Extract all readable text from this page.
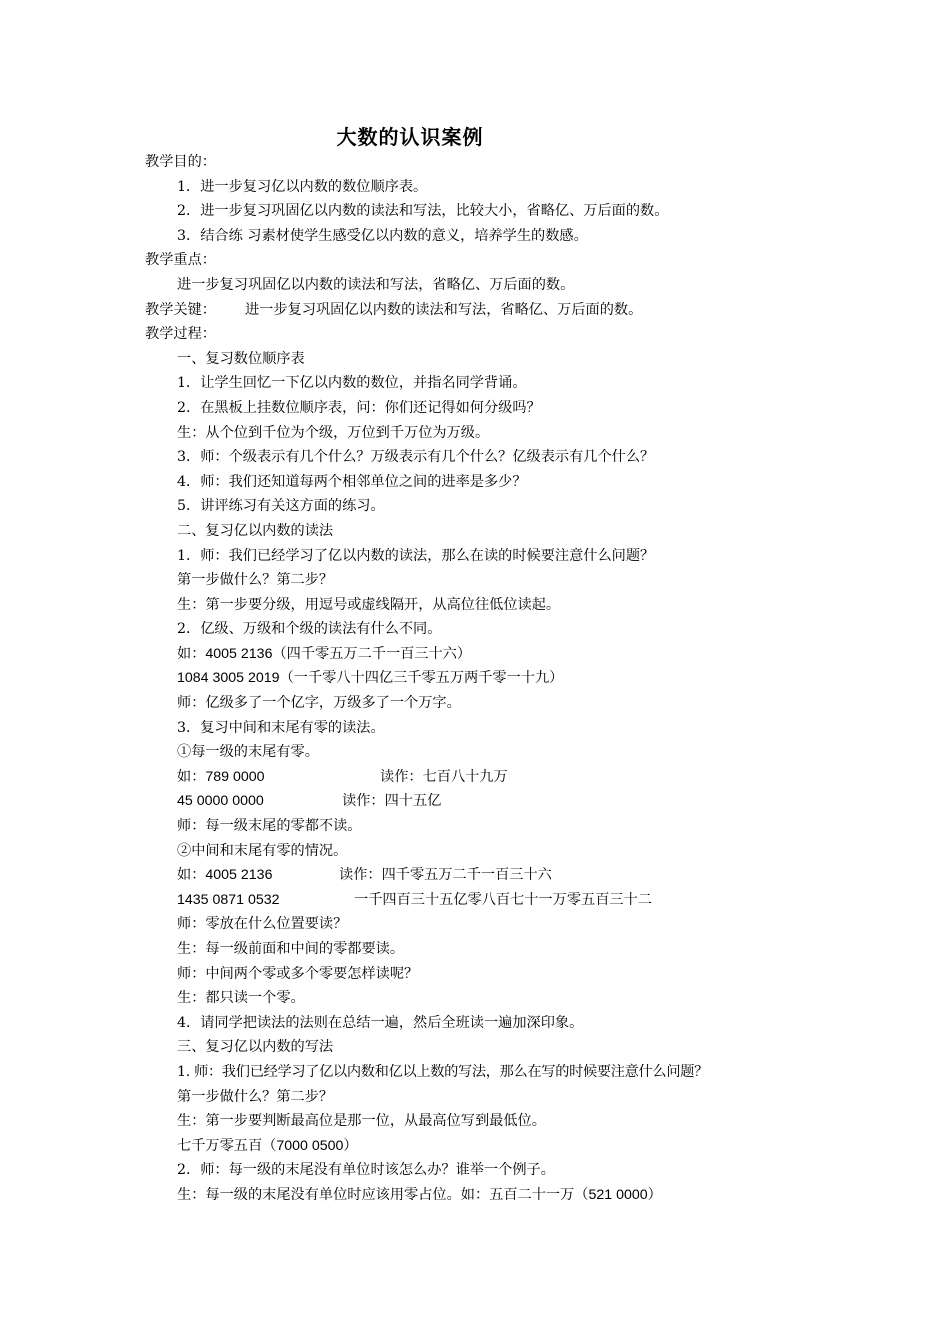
大数的认识案例
教学目的：
1．进一步复习亿以内数的数位顺序表。
2．进一步复习巩固亿以内数的读法和写法，比较大小，省略亿、万后面的数。
3．结合练 习素材使学生感受亿以内数的意义，培养学生的数感。
教学重点：
进一步复习巩固亿以内数的读法和写法，省略亿、万后面的数。
教学关键： 进一步复习巩固亿以内数的读法和写法，省略亿、万后面的数。
教学过程：
一、复习数位顺序表
1．让学生回忆一下亿以内数的数位，并指名同学背诵。
2．在黑板上挂数位顺序表，问：你们还记得如何分级吗？
生：从个位到千位为个级，万位到千万位为万级。
3．师：个级表示有几个什么？万级表示有几个什么？亿级表示有几个什么？
4．师：我们还知道每两个相邻单位之间的进率是多少？
5．讲评练习有关这方面的练习。
二、复习亿以内数的读法
1．师：我们已经学习了亿以内数的读法，那么在读的时候要注意什么问题？
第一步做什么？第二步？
生：第一步要分级，用逗号或虚线隔开，从高位往低位读起。
2．亿级、万级和个级的读法有什么不同。
如：4005 2136（四千零五万二千一百三十六）
1084 3005 2019（一千零八十四亿三千零五万两千零一十九）
师：亿级多了一个亿字，万级多了一个万字。
3．复习中间和末尾有零的读法。
①每一级的末尾有零。
如：789 0000	读作：七百八十九万
45 0000 0000	读作：四十五亿
师：每一级末尾的零都不读。
②中间和末尾有零的情况。
如：4005 2136	读作：四千零五万二千一百三十六
1435 0871 0532	一千四百三十五亿零八百七十一万零五百三十二
师：零放在什么位置要读？
生：每一级前面和中间的零都要读。
师：中间两个零或多个零要怎样读呢？
生：都只读一个零。
4．请同学把读法的法则在总结一遍，然后全班读一遍加深印象。
三、复习亿以内数的写法
1. 师：我们已经学习了亿以内数和亿以上数的写法，那么在写的时候要注意什么问题？
第一步做什么？第二步？
生：第一步要判断最高位是那一位，从最高位写到最低位。
七千万零五百（7000 0500）
2．师：每一级的末尾没有单位时该怎么办？谁举一个例子。
生：每一级的末尾没有单位时应该用零占位。如：五百二十一万（521 0000）
